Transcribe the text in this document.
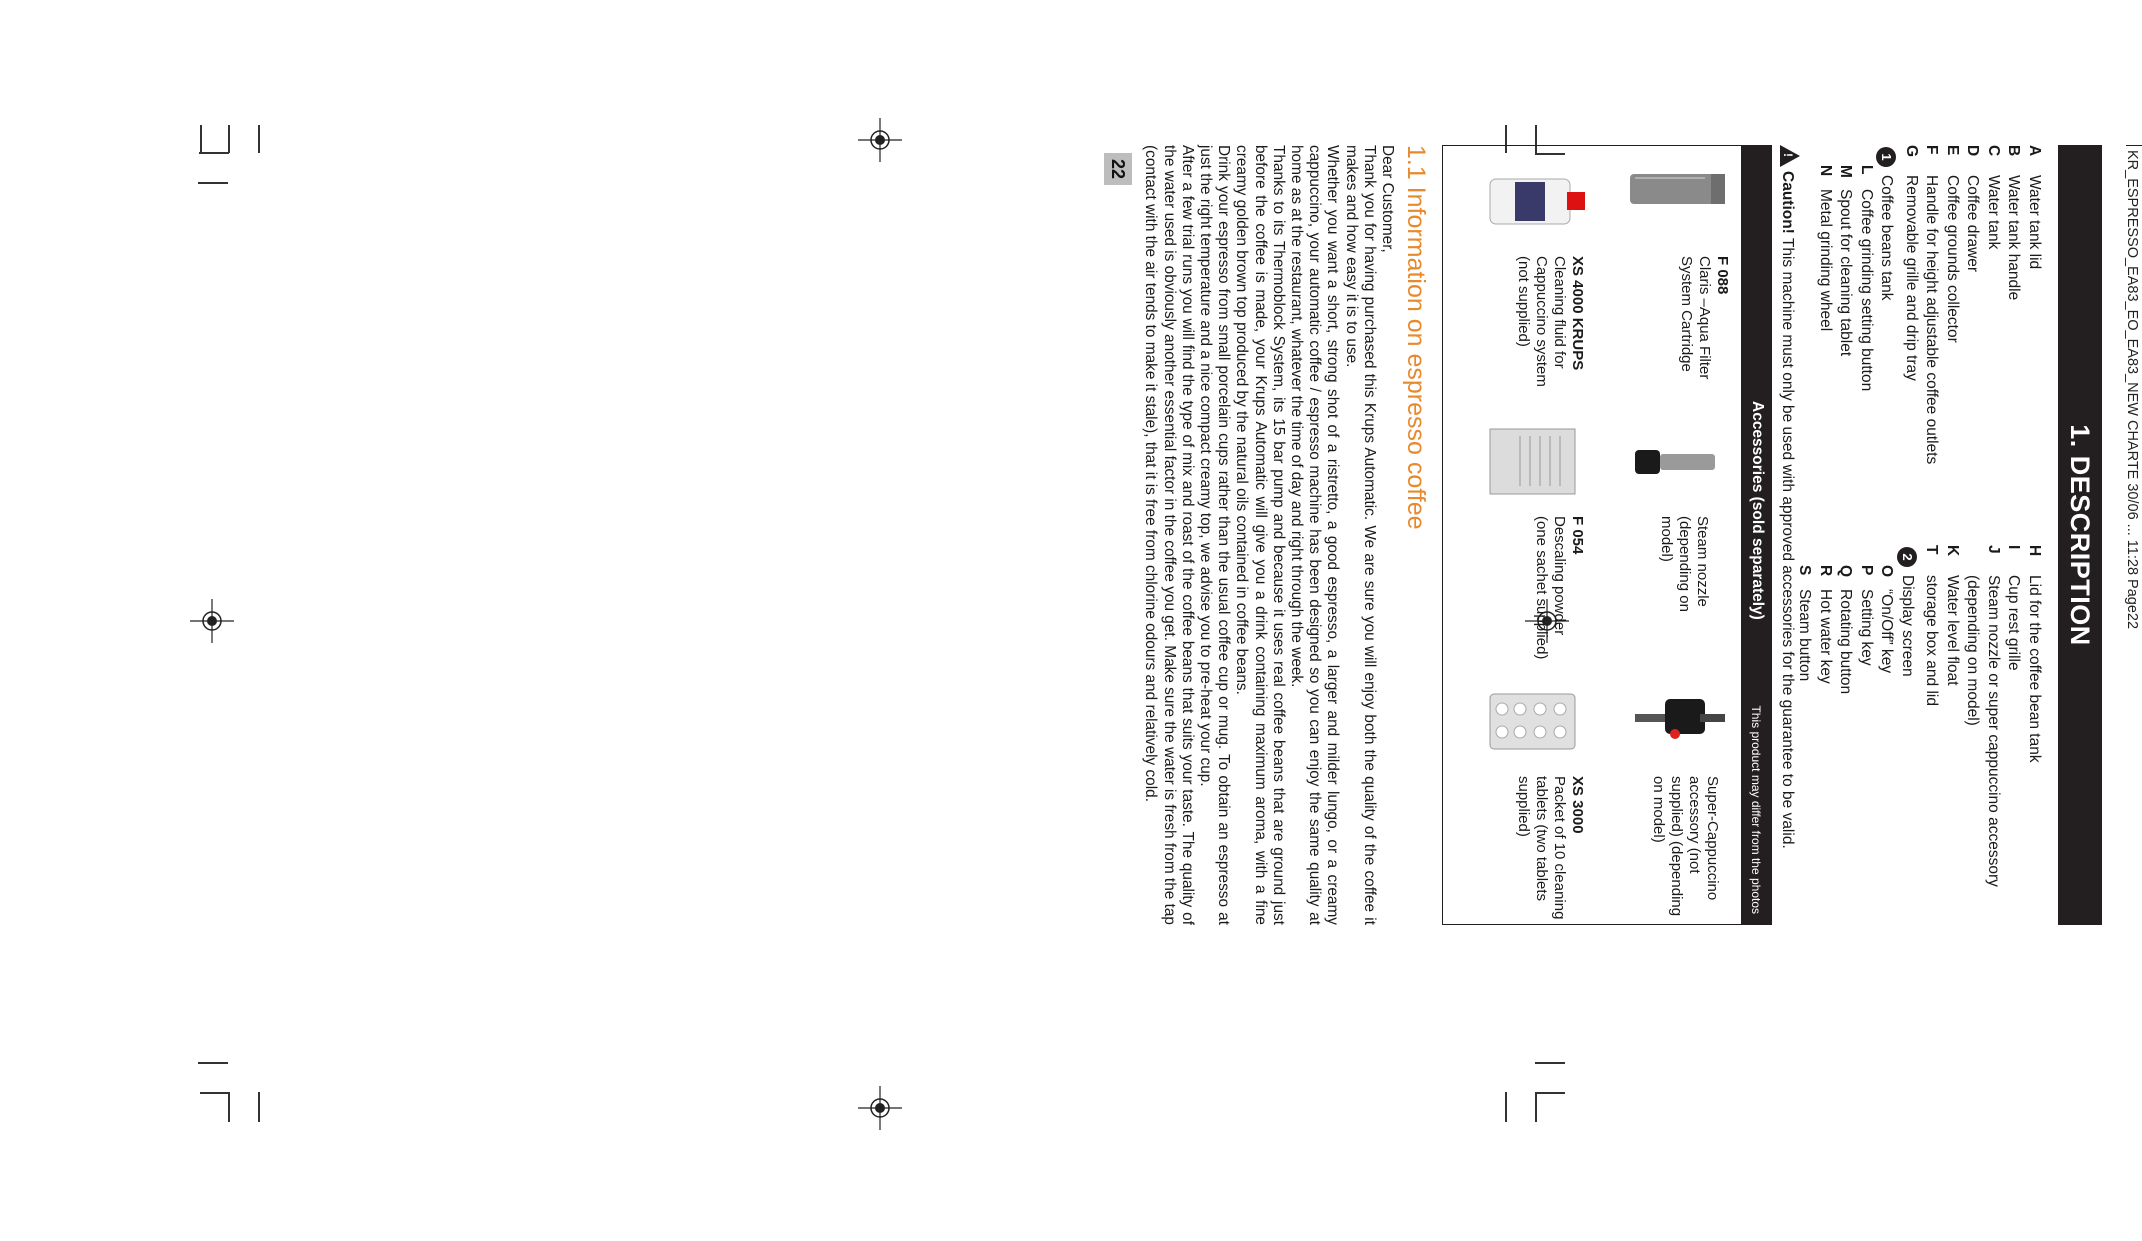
KR_ESPRESSO_EA83_EO_EA83_NEW CHARTE 30/06 ... 11:28 Page22
1. DESCRIPTION
A
Water tank lid
B
Water tank handle
C
Water tank
D
Coffee drawer
E
Coffee grounds collector
F
Handle for height adjustable coffee outlets
G
Removable grille and drip tray
1
Coffee beans tank
L
Coffee grinding setting button
M
Spout for cleaning tablet
N
Metal grinding wheel
H
Lid for the coffee bean tank
I
Cup rest grille
J
Steam nozzle or super cappuccino accessory (depending on model)
K
Water level float
T
storage box and lid
2
Display screen
O
“On/Off” key
P
Setting key
Q
Rotating button
R
Hot water key
S
Steam button
!
Caution! This machine must only be used with approved accessories for the guarantee to be valid.
Accessories (sold separately)
This product may differ from the photos
F 088
Claris –Aqua Filter System Cartridge
Steam nozzle (depending on model)
Super-Cappuccino accessory (not supplied) (depending on model)
XS 4000 KRUPS
Cleaning fluid for Cappuccino system (not supplied)
F 054
Descaling powder (one sachet supplied)
XS 3000
Packet of 10 cleaning tablets (two tablets supplied)
1.1 Information on espresso coffee

Dear Customer,

Thank you for having purchased this Krups Automatic. We are sure you will enjoy both the quality of the coffee it makes and how easy it is to use.

Whether you want a short, strong shot of a ristretto, a good espresso, a larger and milder lungo, or a creamy cappuccino, your automatic coffee / espresso machine has been designed so you can enjoy the same quality at home as at the restaurant, whatever the time of day and right through the week.

Thanks to its Thermoblock System, its 15 bar pump and because it uses real coffee beans that are ground just before the coffee is made, your Krups Automatic will give you a drink containing maximum aroma, with a fine creamy golden brown top produced by the natural oils contained in coffee beans.

Drink your espresso from small porcelain cups rather than the usual coffee cup or mug. To obtain an espresso at just the right temperature and a nice compact creamy top, we advise you to pre-heat your cup.

After a few trial runs you will find the type of mix and roast of the coffee beans that suits your taste. The quality of the water used is obviously another essential factor in the coffee you get. Make sure the water is fresh from the tap (contact with the air tends to make it stale), that it is free from chlorine odours and relatively cold.

22
